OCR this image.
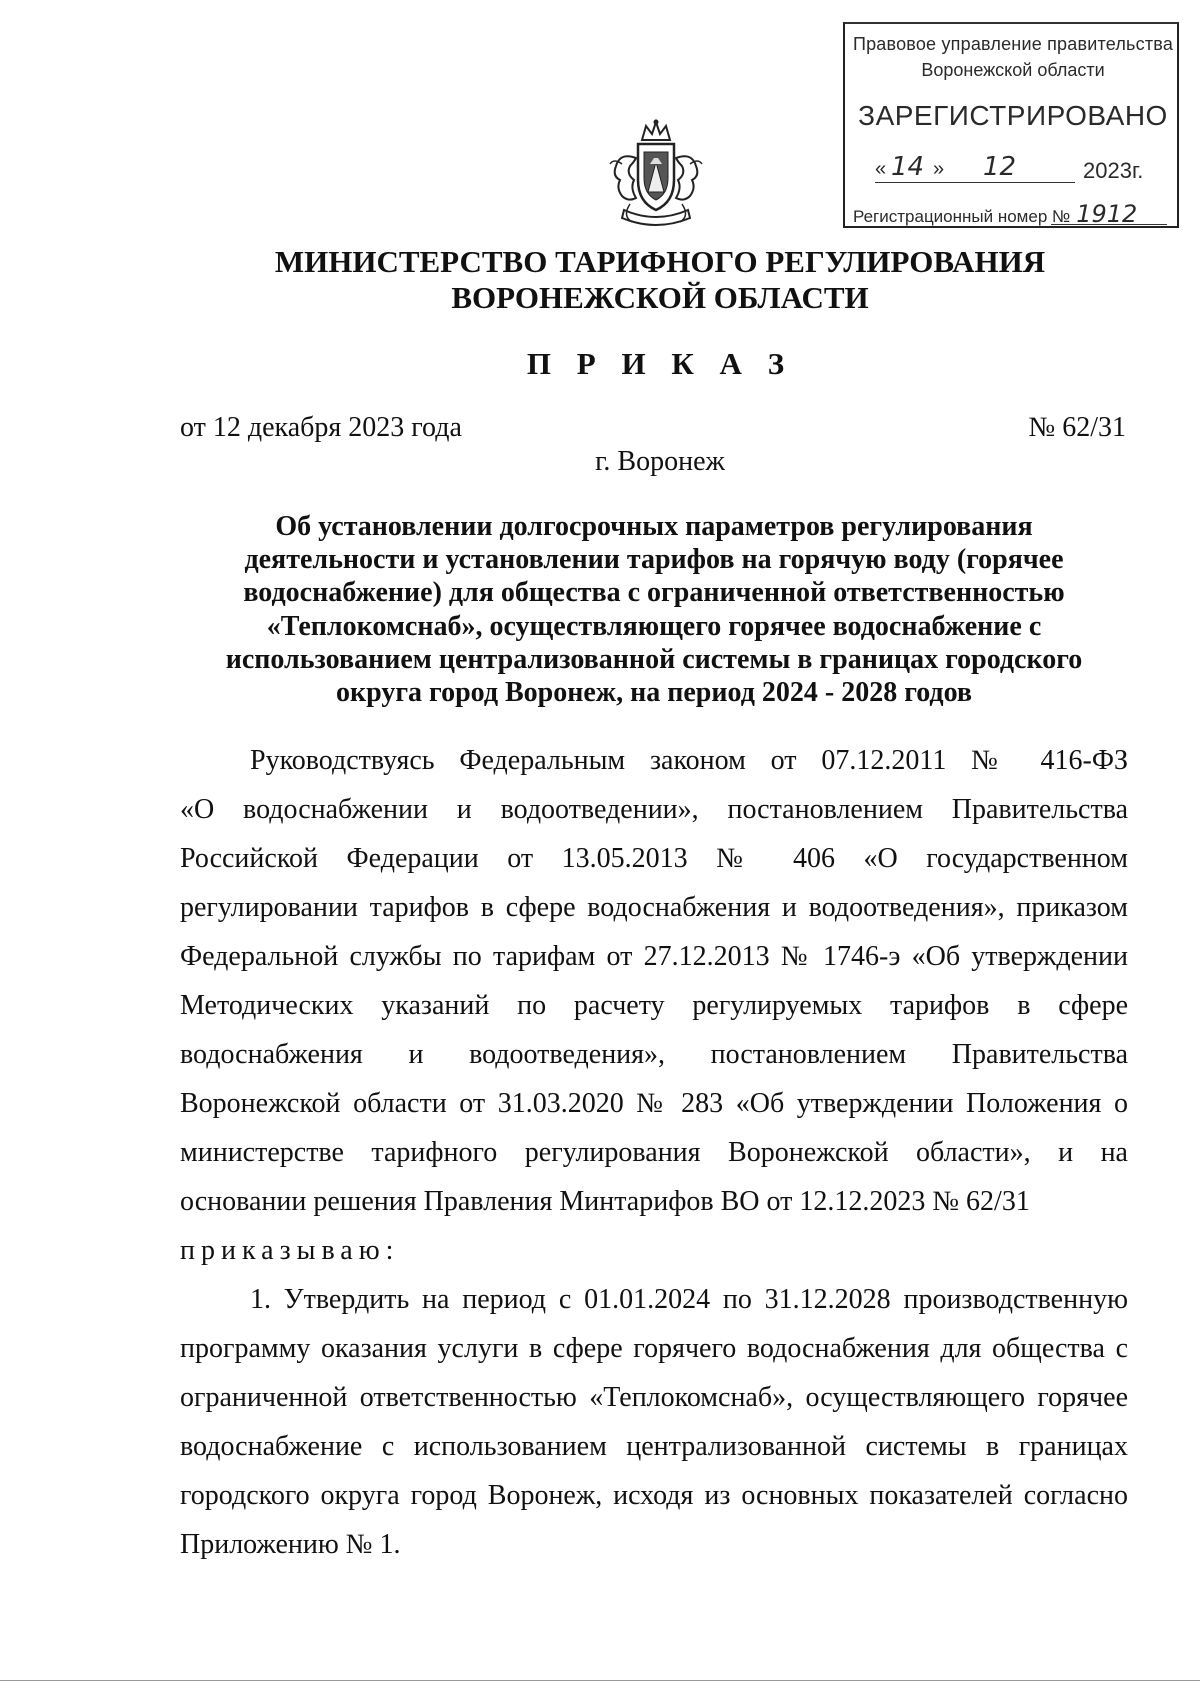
Правовое управление правительства
Воронежской области
ЗАРЕГИСТРИРОВАНО
« 14 » 12	2023г.
Регистрационный номер № 1912
МИНИСТЕРСТВО ТАРИФНОГО РЕГУЛИРОВАНИЯ
ВОРОНЕЖСКОЙ ОБЛАСТИ
П Р И К А З
от 12 декабря 2023 года	№ 62/31
г. Воронеж
Об установлении долгосрочных параметров регулирования
деятельности и установлении тарифов на горячую воду (горячее
водоснабжение) для общества с ограниченной ответственностью
«Теплокомснаб», осуществляющего горячее водоснабжение с
использованием централизованной системы в границах городского
округа город Воронеж, на период 2024 - 2028 годов
Руководствуясь Федеральным законом от 07.12.2011 № 416-ФЗ
«О водоснабжении и водоотведении», постановлением Правительства
Российской Федерации от 13.05.2013 № 406 «О государственном
регулировании тарифов в сфере водоснабжения и водоотведения», приказом
Федеральной службы по тарифам от 27.12.2013 № 1746-э «Об утверждении
Методических указаний по расчету регулируемых тарифов в сфере
водоснабжения и водоотведения», постановлением Правительства
Воронежской области от 31.03.2020 № 283 «Об утверждении Положения о
министерстве тарифного регулирования Воронежской области», и на
основании решения Правления Минтарифов ВО от 12.12.2023 № 62/31
приказываю:
1. Утвердить на период с 01.01.2024 по 31.12.2028 производственную
программу оказания услуги в сфере горячего водоснабжения для общества с
ограниченной ответственностью «Теплокомснаб», осуществляющего горячее
водоснабжение с использованием централизованной системы в границах
городского округа город Воронеж, исходя из основных показателей согласно
Приложению № 1.
